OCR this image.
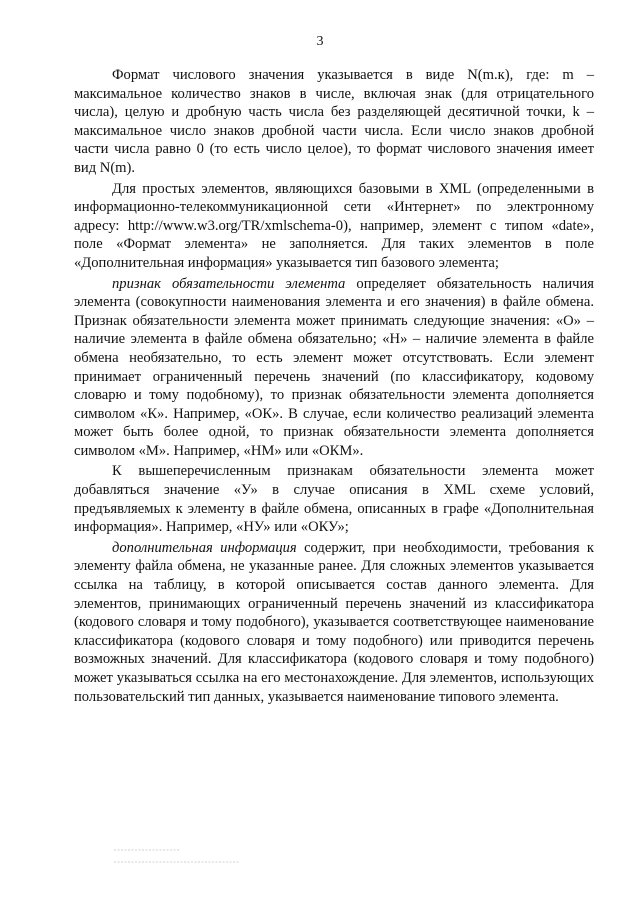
3

Формат числового значения указывается в виде N(m.к), где: m – максимальное количество знаков в числе, включая знак (для отрицательного числа), целую и дробную часть числа без разделяющей десятичной точки, k – максимальное число знаков дробной части числа. Если число знаков дробной части числа равно 0 (то есть число целое), то формат числового значения имеет вид N(m).

Для простых элементов, являющихся базовыми в XML (определенными в информационно-телекоммуникационной сети «Интернет» по электронному адресу: http://www.w3.org/TR/xmlschema-0), например, элемент с типом «date», поле «Формат элемента» не заполняется. Для таких элементов в поле «Дополнительная информация» указывается тип базового элемента;

признак обязательности элемента определяет обязательность наличия элемента (совокупности наименования элемента и его значения) в файле обмена. Признак обязательности элемента может принимать следующие значения: «О» – наличие элемента в файле обмена обязательно; «Н» – наличие элемента в файле обмена необязательно, то есть элемент может отсутствовать. Если элемент принимает ограниченный перечень значений (по классификатору, кодовому словарю и тому подобному), то признак обязательности элемента дополняется символом «К». Например, «ОК». В случае, если количество реализаций элемента может быть более одной, то признак обязательности элемента дополняется символом «М». Например, «НМ» или «ОКМ».

К вышеперечисленным признакам обязательности элемента может добавляться значение «У» в случае описания в XML схеме условий, предъявляемых к элементу в файле обмена, описанных в графе «Дополнительная информация». Например, «НУ» или «ОКУ»;

дополнительная информация содержит, при необходимости, требования к элементу файла обмена, не указанные ранее. Для сложных элементов указывается ссылка на таблицу, в которой описывается состав данного элемента. Для элементов, принимающих ограниченный перечень значений из классификатора (кодового словаря и тому подобного), указывается соответствующее наименование классификатора (кодового словаря и тому подобного) или приводится перечень возможных значений. Для классификатора (кодового словаря и тому подобного) может указываться ссылка на его местонахождение. Для элементов, использующих пользовательский тип данных, указывается наименование типового элемента.
